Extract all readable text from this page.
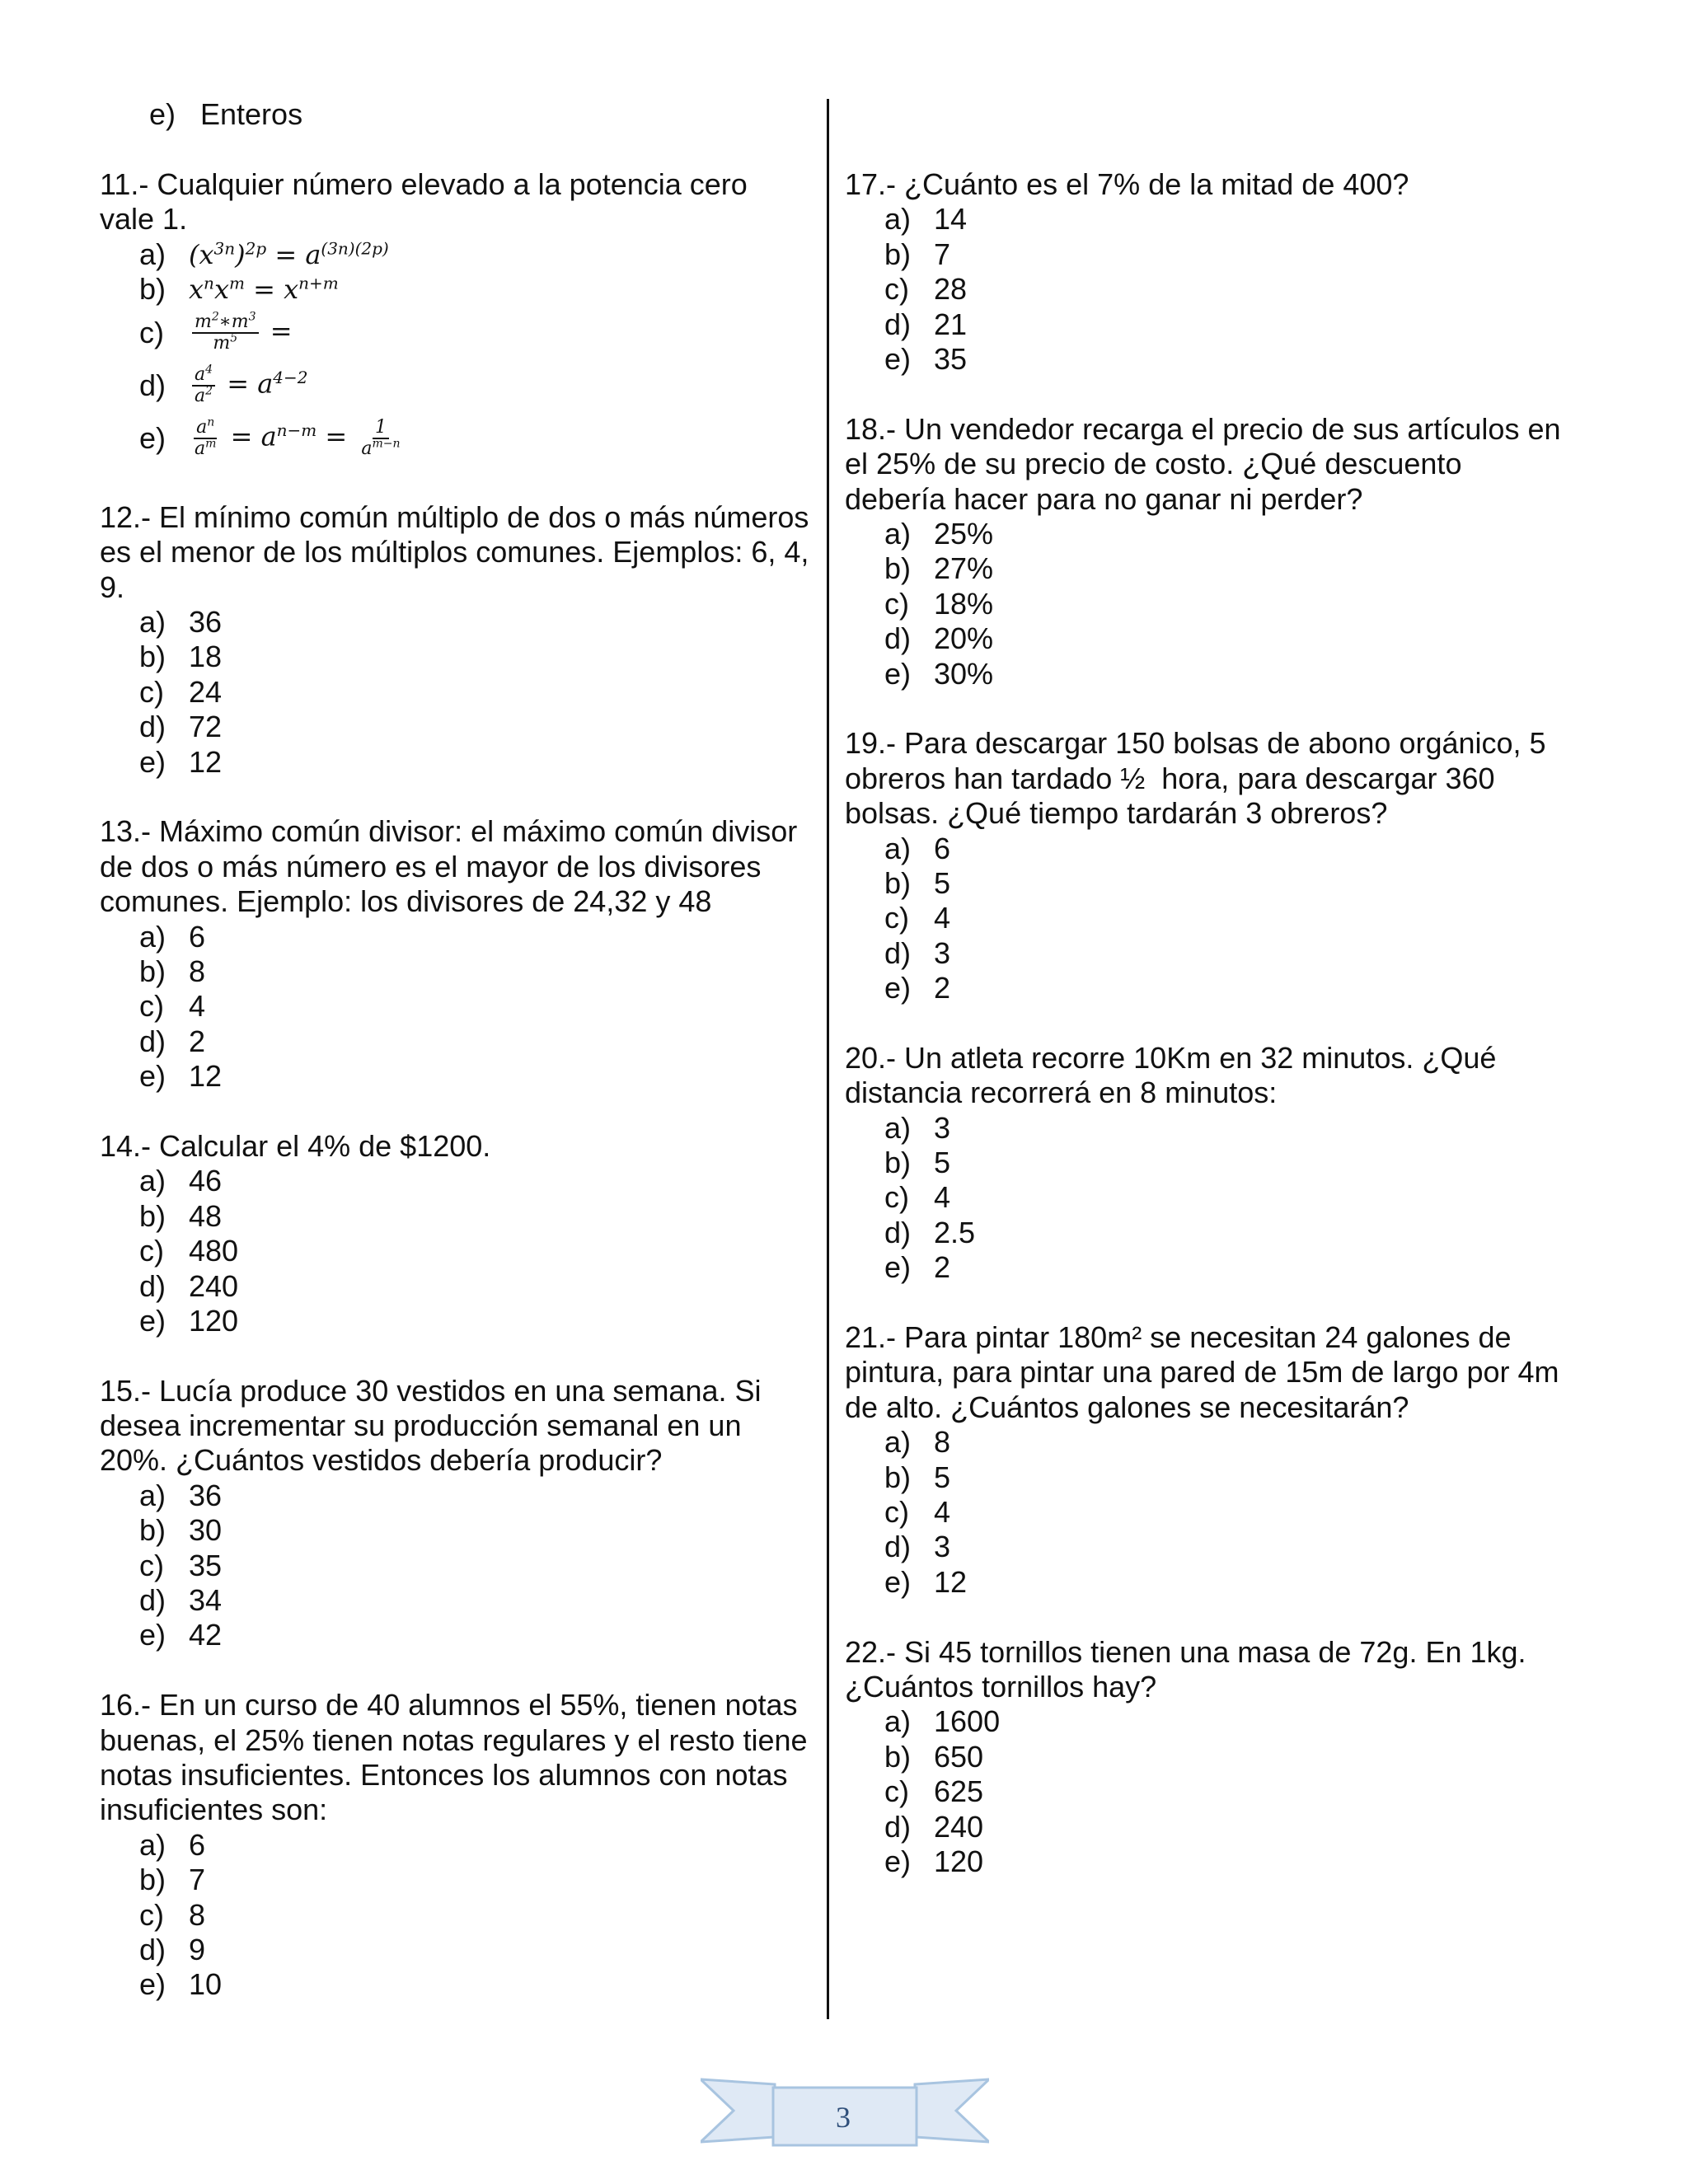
e) Enteros

11.- Cualquier número elevado a la potencia cero vale 1.

a) $(x^{3n})^{2p} = a^{(3n)(2p)}$
b) $x^nx^m = x^{n+m}$
c)	$\frac{m^2∗m^3}{m^5}$ =
d)	$\frac{a^4}{a^2} = a^{4-2}$
e)	$\frac{a^n}{a^m} = a^{n-m} = \frac{1}{a^{m-n}}$

12.- El mínimo común múltiplo de dos o más números es el menor de los múltiplos comunes. Ejemplos: 6, 4,  9.

a) 36
b) 18
c) 24
d) 72
e) 12

13.- Máximo común divisor: el máximo común divisor de dos o más número es el mayor de los divisores comunes. Ejemplo: los divisores de 24,32 y 48

a) 6
b) 8
c) 4
d) 2
e) 12

14.- Calcular el 4% de $1200.

a) 46
b) 48
c) 480
d) 240
e) 120

15.- Lucía produce 30 vestidos en una semana. Si desea incrementar su producción semanal en un 20%. ¿Cuántos vestidos debería producir?

a) 36
b) 30
c) 35
d) 34
e) 42

16.- En un curso de 40 alumnos el 55%, tienen notas buenas, el 25% tienen notas regulares y el resto tiene notas insuficientes. Entonces los alumnos con notas  insuficientes son:

a) 6
b) 7
c) 8
d) 9
e) 10

17.- ¿Cuánto es el 7% de la mitad de 400?

a) 14
b) 7
c) 28
d) 21
e) 35

18.- Un vendedor recarga el precio de sus artículos en el 25% de su precio de costo. ¿Qué descuento debería hacer para no ganar ni perder?

a) 25%
b) 27%
c) 18%
d) 20%
e) 30%

19.- Para descargar 150 bolsas de abono orgánico, 5 obreros han tardado ½  hora, para descargar 360 bolsas. ¿Qué tiempo tardarán 3 obreros?

a) 6
b) 5
c) 4
d) 3
e) 2

20.- Un atleta recorre 10Km en 32 minutos. ¿Qué distancia recorrerá en 8 minutos:

a) 3
b) 5
c) 4
d) 2.5
e) 2

21.- Para pintar 180m² se necesitan 24 galones de pintura, para pintar una pared de 15m de largo por 4m de alto. ¿Cuántos galones se necesitarán?

a) 8
b) 5
c) 4
d) 3
e) 12

22.- Si 45 tornillos tienen una masa de 72g. En 1kg. ¿Cuántos tornillos hay?

a) 1600
b) 650
c) 625
d) 240
e) 120
3
